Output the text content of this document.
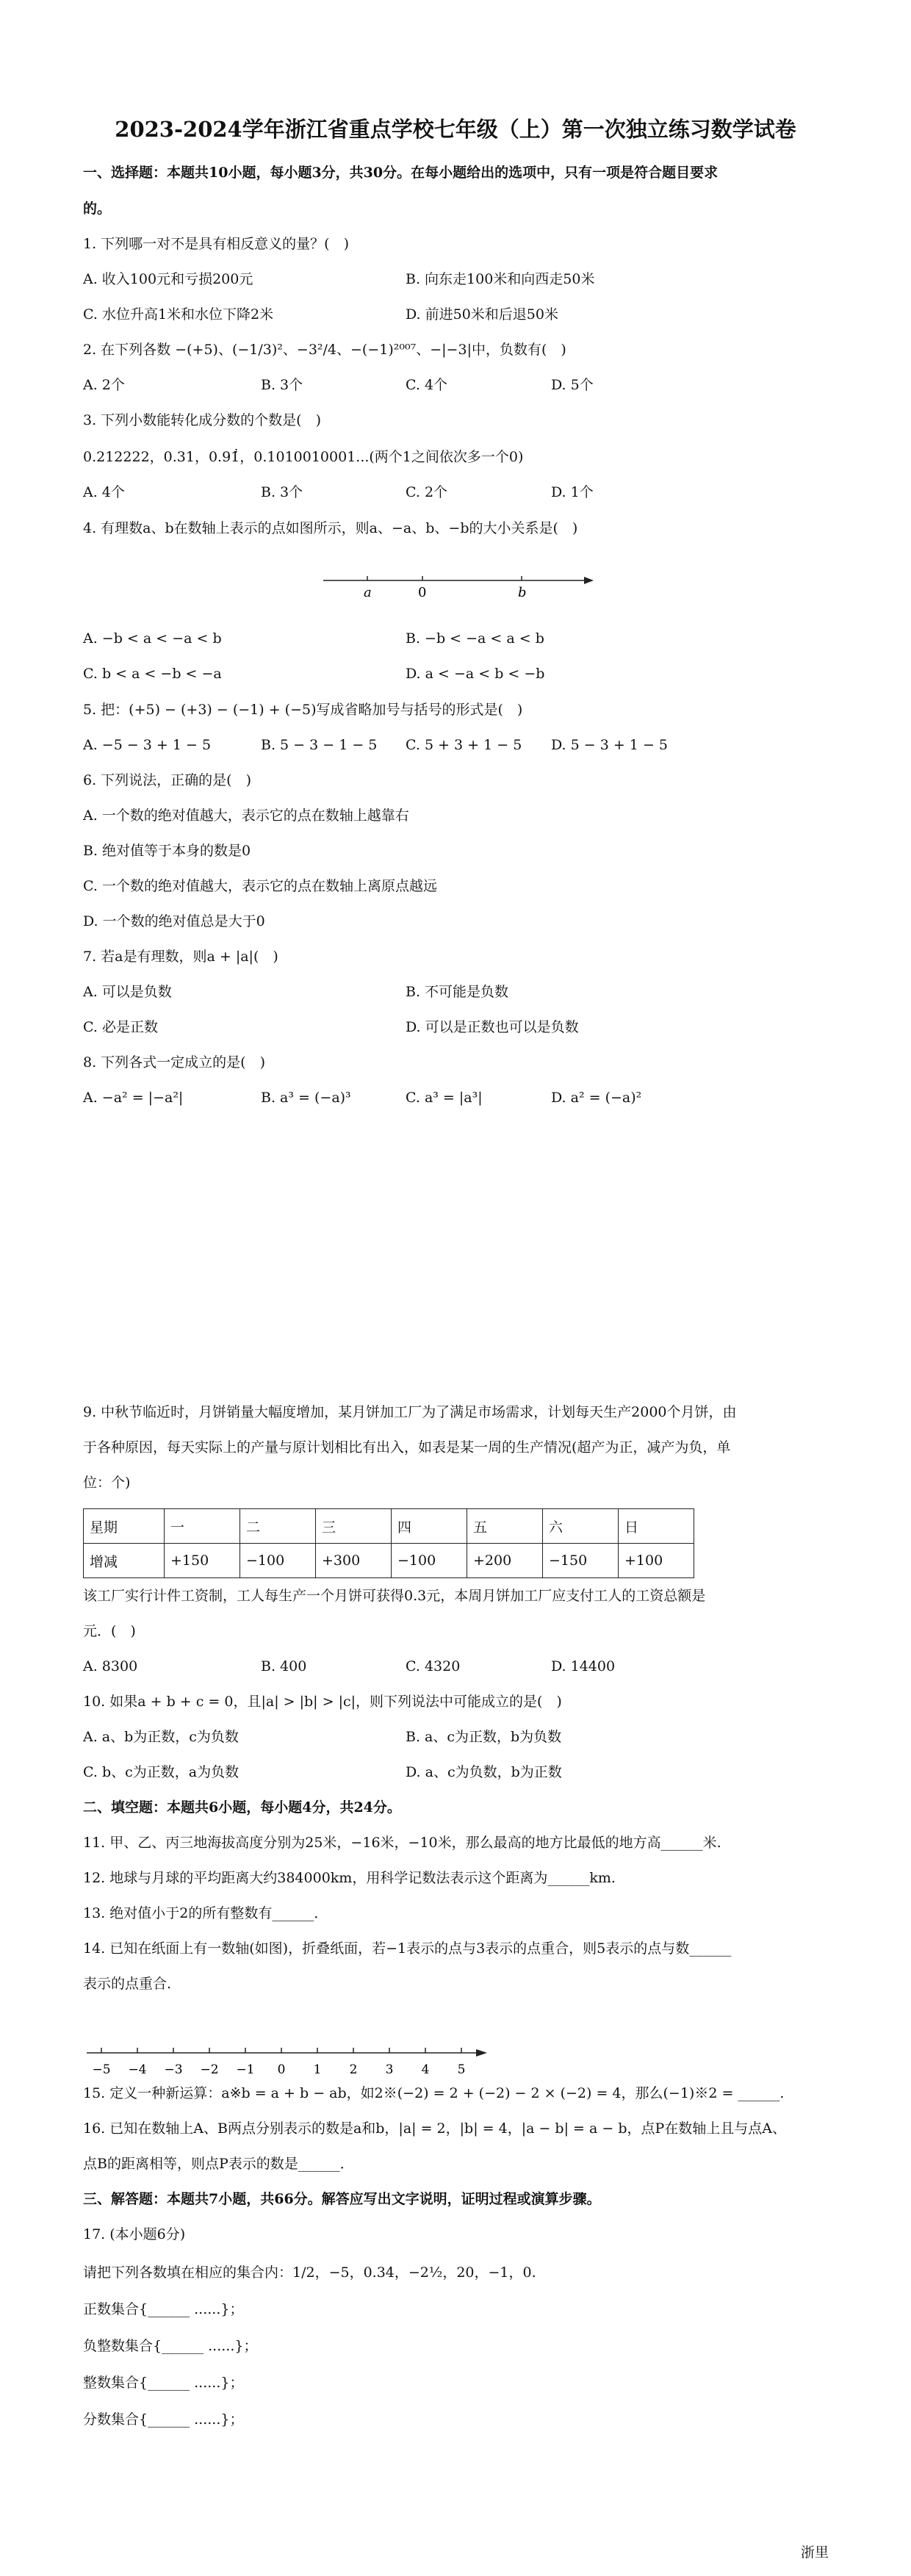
2023-2024学年浙江省重点学校七年级（上）第一次独立练习数学试卷
一、选择题：本题共10小题，每小题3分，共30分。在每小题给出的选项中，只有一项是符合题目要求
的。
1. 下列哪一对不是具有相反意义的量？(　)
A. 收入100元和亏损200元	B. 向东走100米和向西走50米
C. 水位升高1米和水位下降2米	D. 前进50米和后退50米
2. 在下列各数 −(+5)、(−1/3)²、−3²/4、−(−1)²⁰⁰⁷、−|−3|中，负数有(　)
A. 2个	B. 3个	C. 4个	D. 5个
3. 下列小数能转化成分数的个数是(　)
0.212222，0.31，0.91̇̇，0.1010010001...(两个1之间依次多一个0)
A. 4个	B. 3个	C. 2个	D. 1个
4. 有理数a、b在数轴上表示的点如图所示，则a、−a、b、−b的大小关系是(　)
a	0	b
A. −b < a < −a < b	B. −b < −a < a < b
C. b < a < −b < −a	D. a < −a < b < −b
5. 把：(+5) − (+3) − (−1) + (−5)写成省略加号与括号的形式是(　)
A. −5 − 3 + 1 − 5	B. 5 − 3 − 1 − 5 C. 5 + 3 + 1 − 5 D. 5 − 3 + 1 − 5
6. 下列说法，正确的是(　)
A. 一个数的绝对值越大，表示它的点在数轴上越靠右
B. 绝对值等于本身的数是0
C. 一个数的绝对值越大，表示它的点在数轴上离原点越远
D. 一个数的绝对值总是大于0
7. 若a是有理数，则a + |a|(　)
A. 可以是负数	B. 不可能是负数
C. 必是正数	D. 可以是正数也可以是负数
8. 下列各式一定成立的是(　)
A. −a² = |−a²|	B. a³ = (−a)³	C. a³ = |a³|	D. a² = (−a)²
9. 中秋节临近时，月饼销量大幅度增加，某月饼加工厂为了满足市场需求，计划每天生产2000个月饼，由
于各种原因，每天实际上的产量与原计划相比有出入，如表是某一周的生产情况(超产为正，减产为负，单
位：个)
星期	一	二	三	四	五	六	日
增减	+150	−100	+300	−100	+200	−150	+100
该工厂实行计件工资制，工人每生产一个月饼可获得0.3元，本周月饼加工厂应支付工人的工资总额是
元．(　)
A. 8300	B. 400	C. 4320	D. 14400
10. 如果a + b + c = 0，且|a| > |b| > |c|，则下列说法中可能成立的是(　)
A. a、b为正数，c为负数	B. a、c为正数，b为负数
C. b、c为正数，a为负数	D. a、c为负数，b为正数
二、填空题：本题共6小题，每小题4分，共24分。
11. 甲、乙、丙三地海拔高度分别为25米，−16米，−10米，那么最高的地方比最低的地方高______米.
12. 地球与月球的平均距离大约384000km，用科学记数法表示这个距离为______km.
13. 绝对值小于2的所有整数有______．
14. 已知在纸面上有一数轴(如图)，折叠纸面，若−1表示的点与3表示的点重合，则5表示的点与数______
表示的点重合.
−5 −4 −3 −2 −1 0 1 2 3 4 5
15. 定义一种新运算：a※b = a + b − ab，如2※(−2) = 2 + (−2) − 2 × (−2) = 4，那么(−1)※2 = ______.
16. 已知在数轴上A、B两点分别表示的数是a和b，|a| = 2，|b| = 4，|a − b| = a − b，点P在数轴上且与点A、
点B的距离相等，则点P表示的数是______．
三、解答题：本题共7小题，共66分。解答应写出文字说明，证明过程或演算步骤。
17. (本小题6分)
请把下列各数填在相应的集合内：1/2，−5，0.34，−2½，20，−1，0.
正数集合{______ ......}；
负整数集合{______ ......}；
整数集合{______ ......}；
分数集合{______ ......}；
浙里
